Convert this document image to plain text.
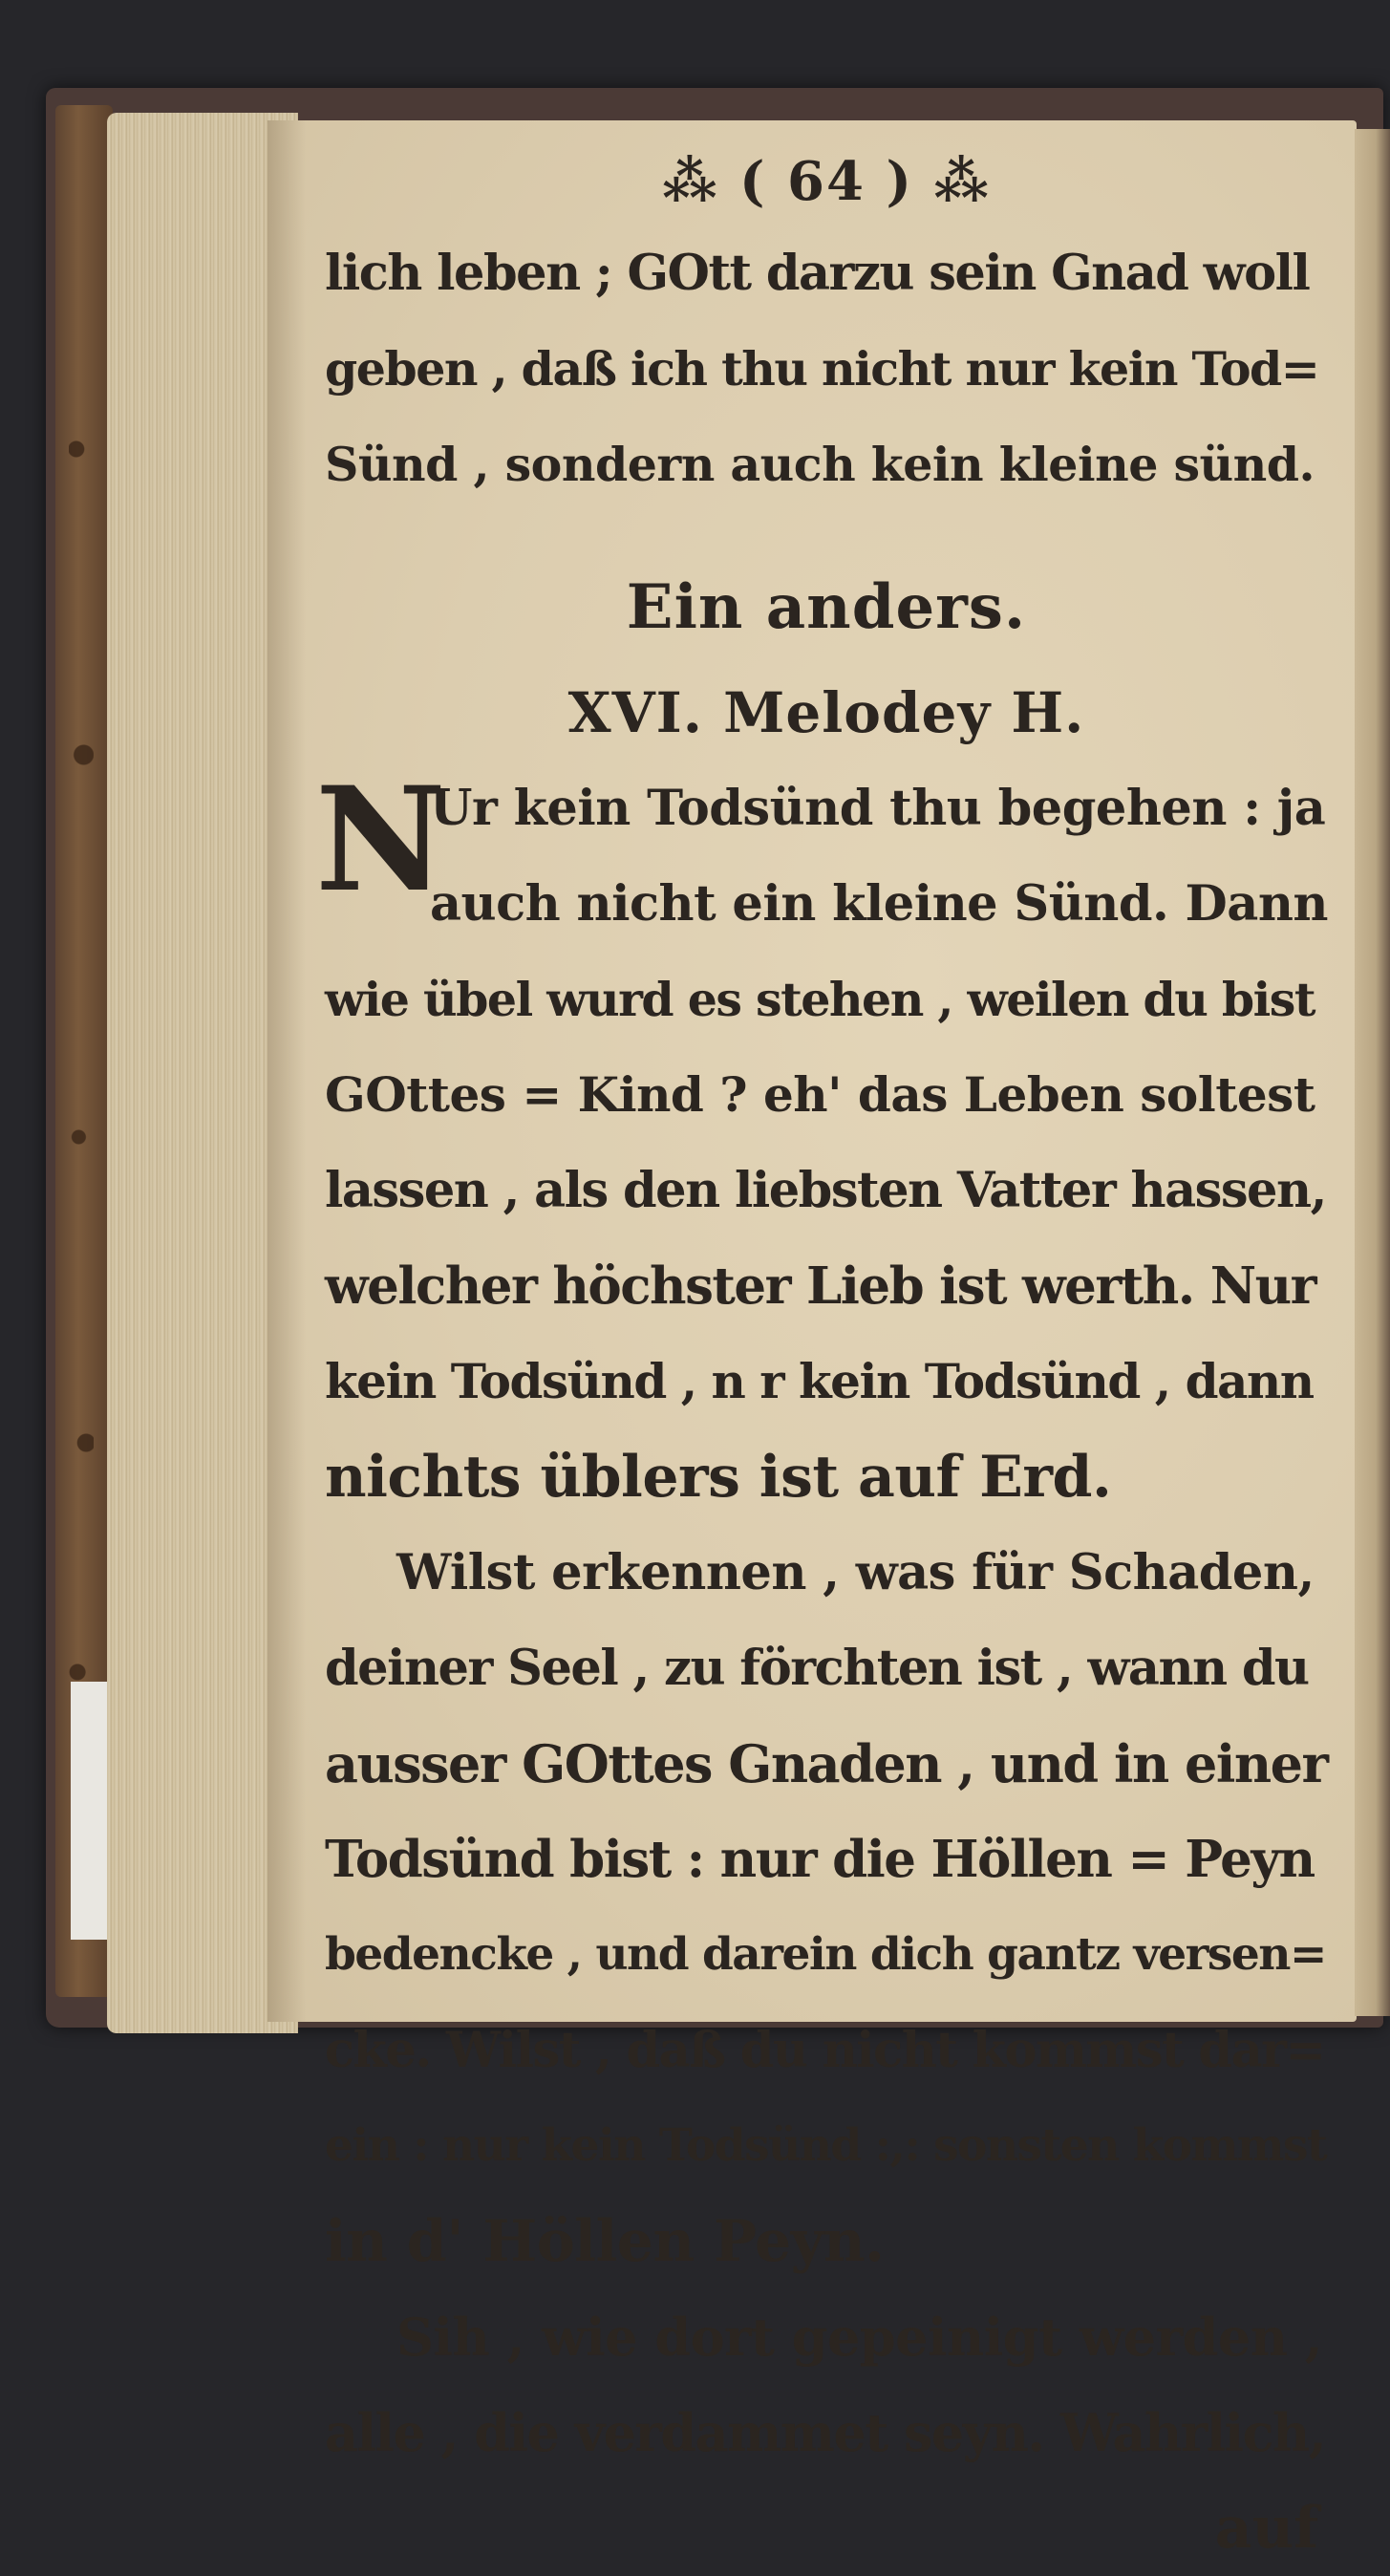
⁂ ( 64 ) ⁂
lich leben ; GOtt darzu sein Gnad woll
geben , daß ich thu nicht nur kein Tod=
Sünd , sondern auch kein kleine sünd.
Ein anders.
XVI. Melodey H.
N
Ur kein Todsünd thu begehen : ja
auch nicht ein kleine Sünd. Dann
wie übel wurd es stehen , weilen du bist
GOttes = Kind ? eh' das Leben soltest
lassen , als den liebsten Vatter hassen,
welcher höchster Lieb ist werth. Nur
kein Todsünd , n r kein Todsünd , dann
nichts üblers ist auf Erd.
Wilst erkennen , was für Schaden,
deiner Seel , zu förchten ist , wann du
ausser GOttes Gnaden , und in einer
Todsünd bist : nur die Höllen = Peyn
bedencke , und darein dich gantz versen=
cke. Wilst , daß du nicht kommst dar=
ein : nur kein Todsünd :,: sonsten kommst
in d' Höllen Peyn.
Sih , wie dort gepeinigt werden ,
alle , die verdammet seyn. Wahrlich,
auf
